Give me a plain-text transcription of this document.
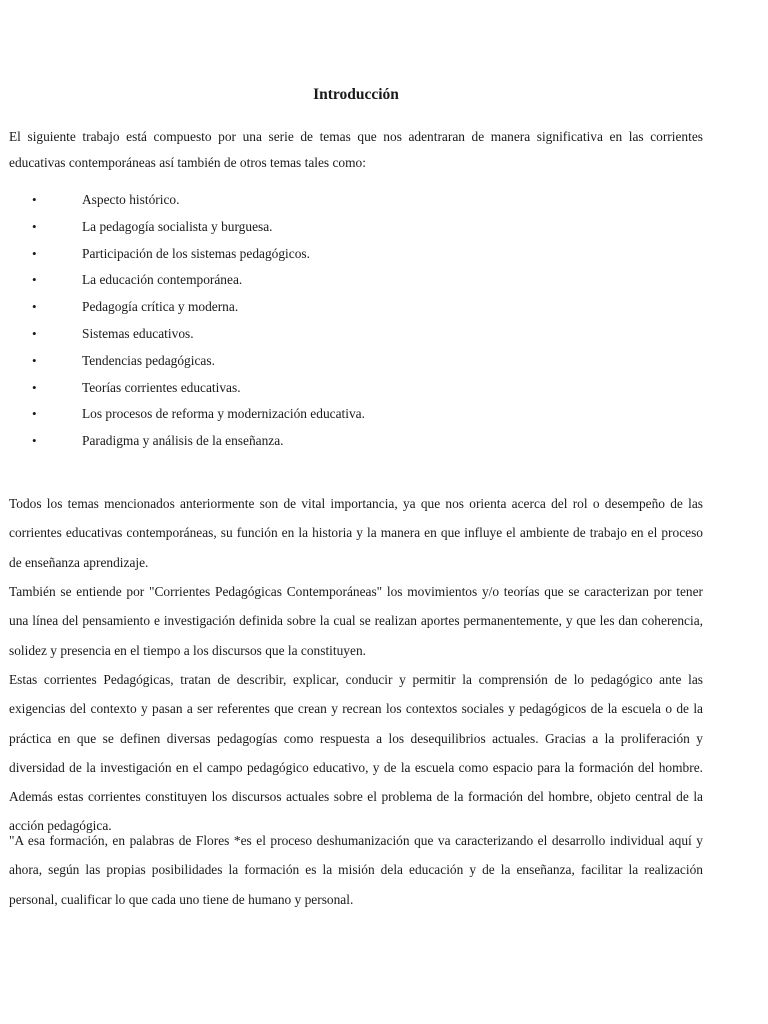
Introducción

El siguiente trabajo está compuesto por una serie de temas que nos adentraran de manera significativa en las corrientes educativas contemporáneas así también de otros temas tales como:

•	Aspecto histórico.
•	La pedagogía socialista y burguesa.
•	Participación de los sistemas pedagógicos.
•	La educación contemporánea.
•	Pedagogía crítica y moderna.
•	Sistemas educativos.
•	Tendencias pedagógicas.
•	Teorías corrientes educativas.
•	Los procesos de reforma y modernización educativa.
•	Paradigma y análisis de la enseñanza.

Todos los temas mencionados anteriormente son de vital importancia, ya que nos orienta acerca del rol o desempeño de las corrientes educativas contemporáneas, su función en la historia y la manera en que influye el ambiente de trabajo en el proceso de enseñanza aprendizaje.

También se entiende por "Corrientes Pedagógicas Contemporáneas" los movimientos y/o teorías que se caracterizan por tener una línea del pensamiento e investigación definida sobre la cual se realizan aportes permanentemente, y que les dan coherencia, solidez y presencia en el tiempo a los discursos que la constituyen.

Estas corrientes Pedagógicas, tratan de describir, explicar, conducir y permitir la comprensión de lo pedagógico ante las exigencias del contexto y pasan a ser referentes que crean y recrean los contextos sociales y pedagógicos de la escuela o de la práctica en que se definen diversas pedagogías como respuesta a los desequilibrios actuales. Gracias a la proliferación y diversidad de la investigación en el campo pedagógico educativo, y de la escuela como espacio para la formación del hombre. Además estas corrientes constituyen los discursos actuales sobre el problema de la formación del hombre, objeto central de la acción pedagógica.

"A esa formación, en palabras de Flores *es el proceso deshumanización que va caracterizando el desarrollo individual aquí y ahora, según las propias posibilidades la formación es la misión dela educación y de la enseñanza, facilitar la realización personal, cualificar lo que cada uno tiene de humano y personal.
